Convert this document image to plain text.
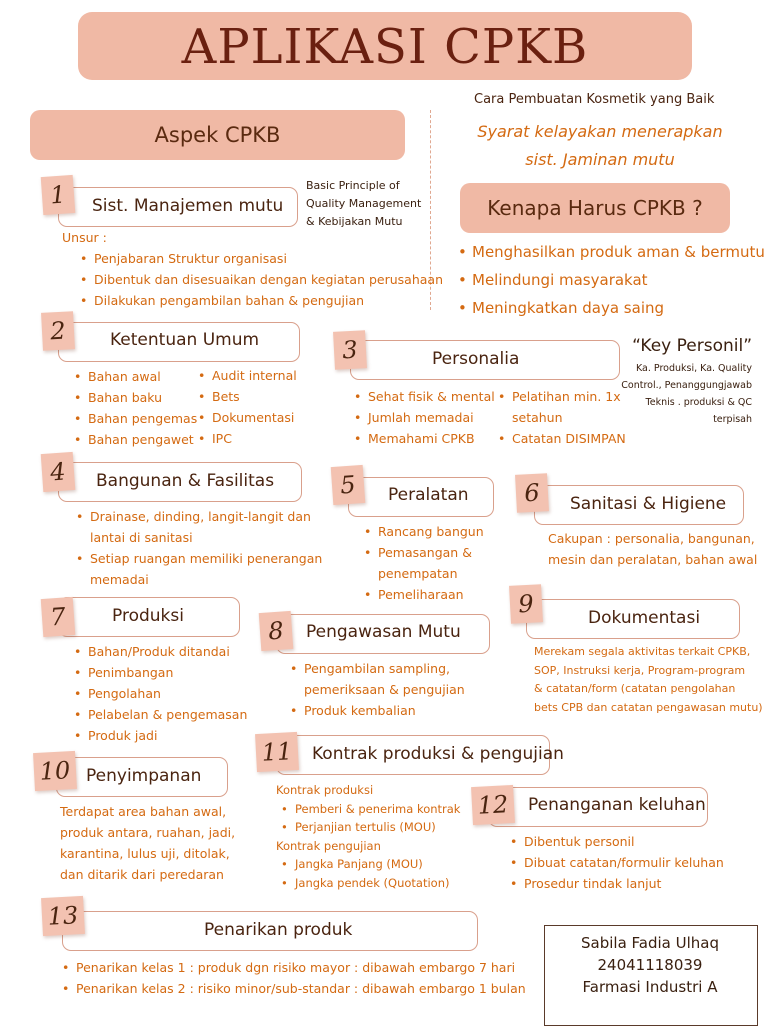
APLIKASI CPKB
Cara Pembuatan Kosmetik yang Baik
Aspek CPKB	Syarat kelayakan menerapkan
sist. Jaminan mutu
Kenapa Harus CPKB ?
• Menghasilkan produk aman & bermutu
• Melindungi masyarakat
• Meningkatkan daya saing
“Key Personil”
Ka. Produksi, Ka. Quality
Control., Penanggungjawab
Teknis . produksi & QC
terpisah
Sist. Manajemen mutu
1	Basic Principle of
Quality Management
& Kebijakan Mutu
Unsur :
• Penjabaran Struktur organisasi
• Dibentuk dan disesuaikan dengan kegiatan perusahaan
• Dilakukan pengambilan bahan & pengujian
Ketentuan Umum
2
• Bahan awal
• Bahan baku
• Bahan pengemas
• Bahan pengawet
• Audit internal
• Bets
• Dokumentasi
• IPC
Personalia
3
• Sehat fisik & mental
• Jumlah memadai
• Memahami CPKB
• Pelatihan min. 1x
setahun
• Catatan DISIMPAN
Bangunan & Fasilitas
4
• Drainase, dinding, langit-langit dan
lantai di sanitasi
• Setiap ruangan memiliki penerangan
memadai
Peralatan
5
• Rancang bangun
• Pemasangan &
penempatan
• Pemeliharaan
Sanitasi & Higiene
6
Cakupan : personalia, bangunan,
mesin dan peralatan, bahan awal
Produksi
7
• Bahan/Produk ditandai
• Penimbangan
• Pengolahan
• Pelabelan & pengemasan
• Produk jadi
Pengawasan Mutu
8
• Pengambilan sampling,
pemeriksaan & pengujian
• Produk kembalian
Dokumentasi
9
Merekam segala aktivitas terkait CPKB,
SOP, Instruksi kerja, Program-program
& catatan/form (catatan pengolahan
bets CPB dan catatan pengawasan mutu)
Penyimpanan
10
Terdapat area bahan awal,
produk antara, ruahan, jadi,
karantina, lulus uji, ditolak,
dan ditarik dari peredaran
Kontrak produksi & pengujian
11
Kontrak produksi
• Pemberi & penerima kontrak
• Perjanjian tertulis (MOU)
Kontrak pengujian
• Jangka Panjang (MOU)
• Jangka pendek (Quotation)
Penanganan keluhan
12
• Dibentuk personil
• Dibuat catatan/formulir keluhan
• Prosedur tindak lanjut
Penarikan produk
13
• Penarikan kelas 1 : produk dgn risiko mayor : dibawah embargo 7 hari
• Penarikan kelas 2 : risiko minor/sub-standar : dibawah embargo 1 bulan
Sabila Fadia Ulhaq
24041118039
Farmasi Industri A
